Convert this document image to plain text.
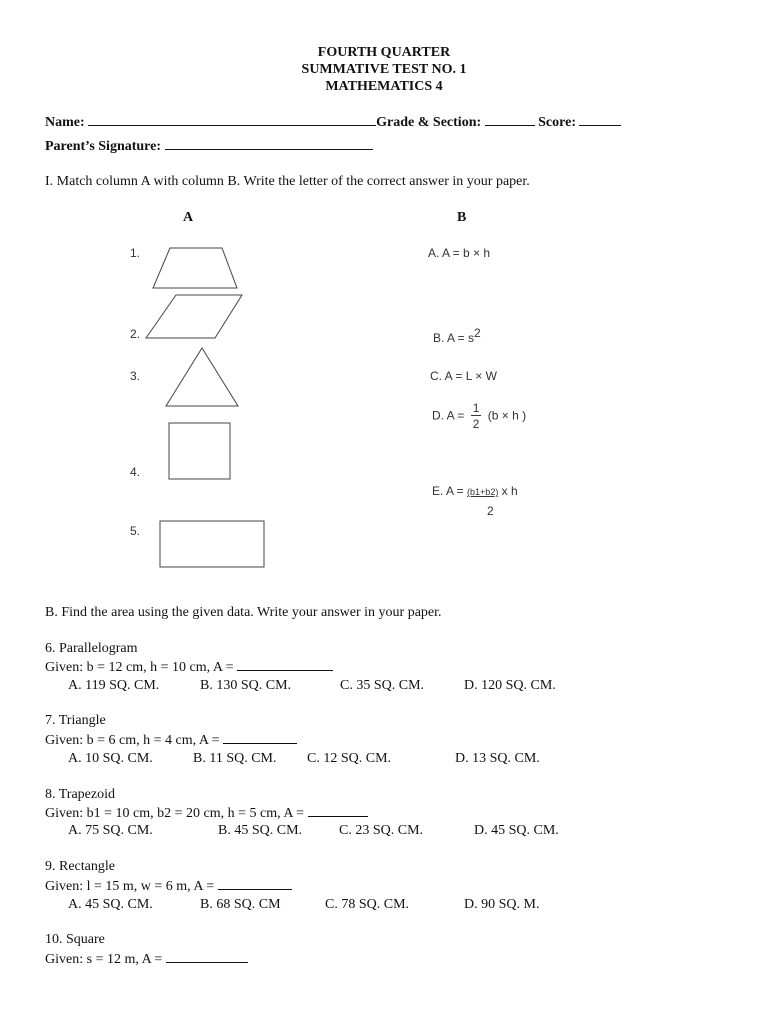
FOURTH QUARTER
SUMMATIVE TEST NO. 1
MATHEMATICS 4
Name:	Grade & Section:	Score:
Parent’s Signature:
I. Match column A with column B. Write the letter of the correct answer in your paper.
A	B
1.
2.
3.
4.
5.
A. A = b × h
B. $A = s^2$
C. A = L × W
D. $A = \frac{1}{2} (b \times h$ )
E. A = (b1+b2) x h
2
B. Find the area using the given data. Write your answer in your paper.
6. Parallelogram
Given: b = 12 cm, h = 10 cm, A =
A. 119 SQ. CM.	B. 130 SQ. CM.	C. 35 SQ. CM.	D. 120 SQ. CM.
7. Triangle
Given: b = 6 cm, h = 4 cm, A =
A. 10 SQ. CM.	B. 11 SQ. CM. C. 12 SQ. CM.	D. 13 SQ. CM.
8. Trapezoid
Given: b1 = 10 cm, b2 = 20 cm, h = 5 cm, A =
A. 75 SQ. CM.	B. 45 SQ. CM.	C. 23 SQ. CM.	D. 45 SQ. CM.
9. Rectangle
Given: l = 15 m, w = 6 m, A =
A. 45 SQ. CM.	B. 68 SQ. CM	C. 78 SQ. CM.	D. 90 SQ. M.
10. Square
Given: s = 12 m, A =
